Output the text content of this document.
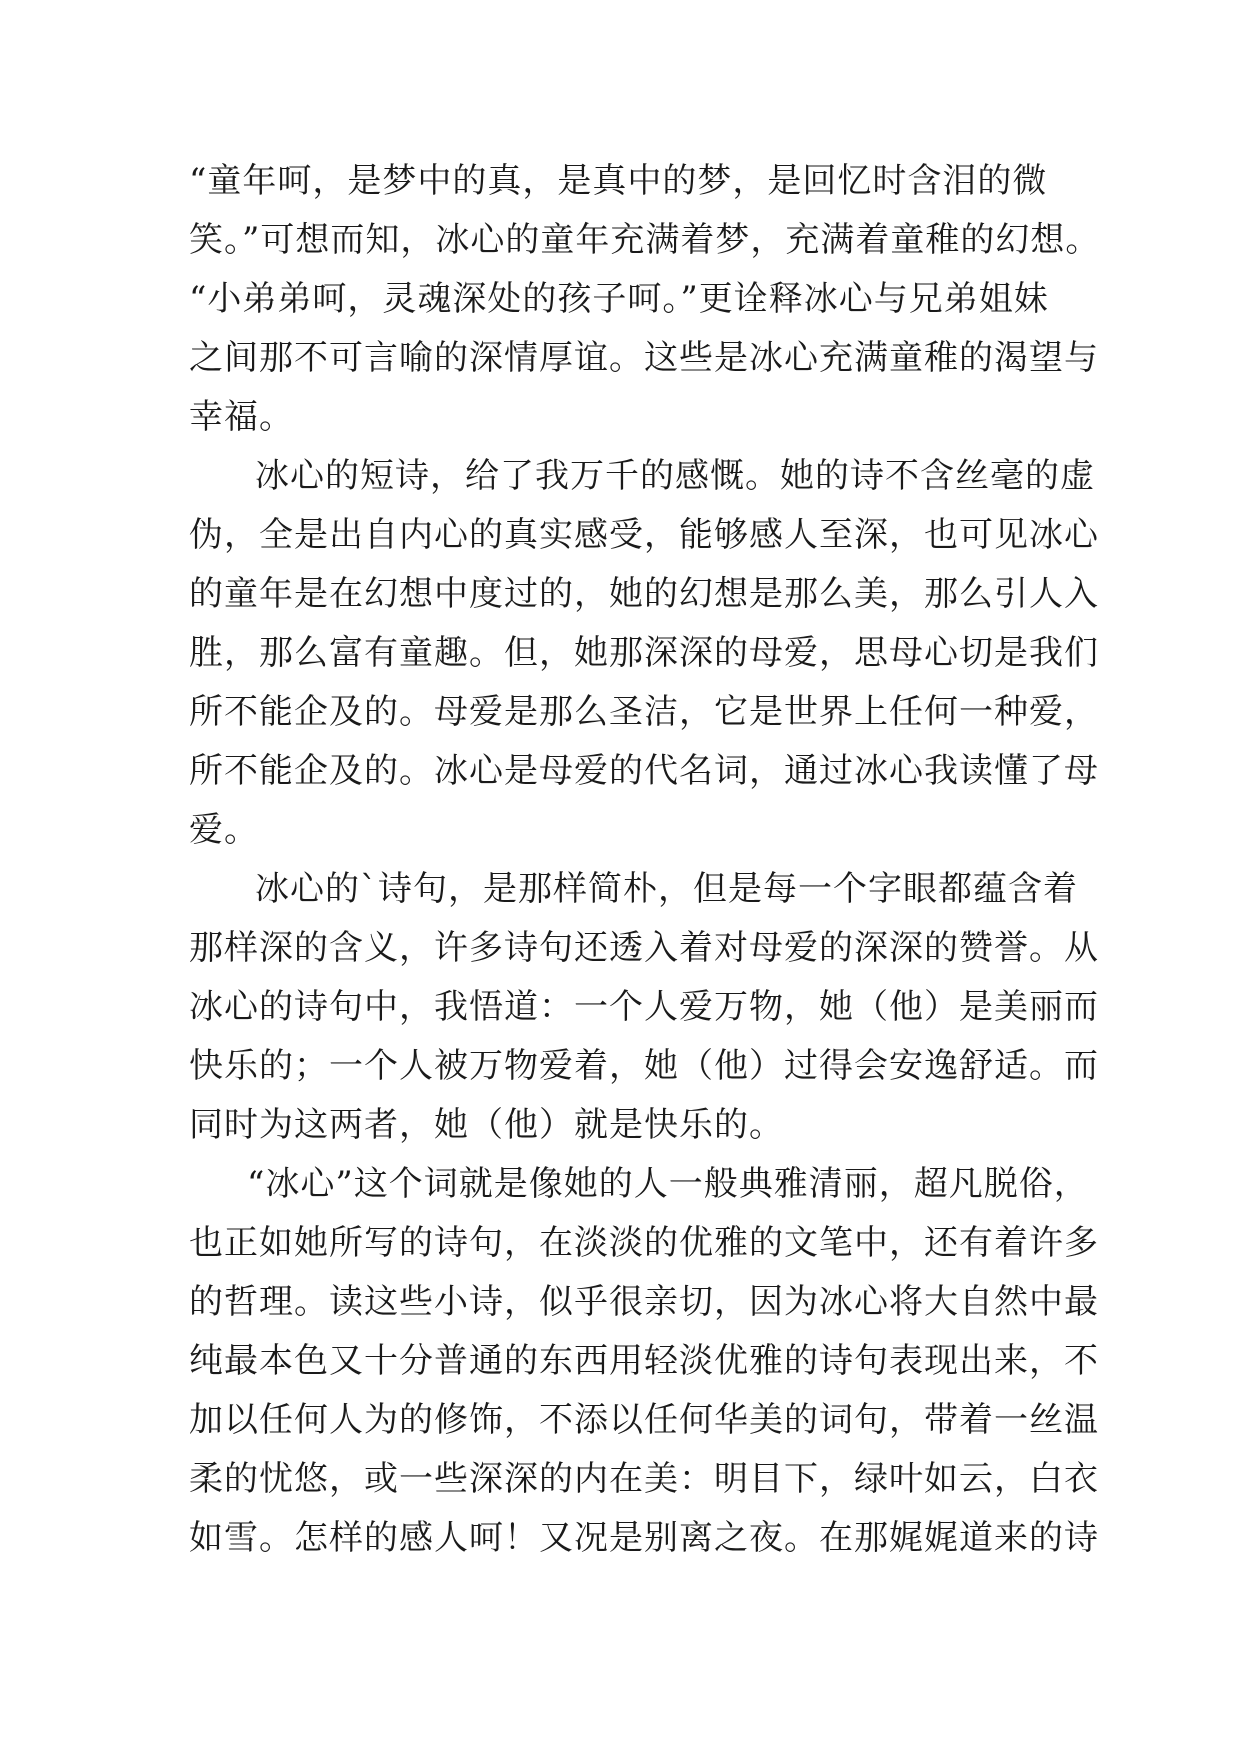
“童年呵，是梦中的真，是真中的梦，是回忆时含泪的微
笑。”可想而知，冰心的童年充满着梦，充满着童稚的幻想。
“小弟弟呵，灵魂深处的孩子呵。”更诠释冰心与兄弟姐妹
之间那不可言喻的深情厚谊。这些是冰心充满童稚的渴望与
幸福。
冰心的短诗，给了我万千的感慨。她的诗不含丝毫的虚
伪，全是出自内心的真实感受，能够感人至深，也可见冰心
的童年是在幻想中度过的，她的幻想是那么美，那么引人入
胜，那么富有童趣。但，她那深深的母爱，思母心切是我们
所不能企及的。母爱是那么圣洁，它是世界上任何一种爱，
所不能企及的。冰心是母爱的代名词，通过冰心我读懂了母
爱。
冰心的`诗句，是那样简朴，但是每一个字眼都蕴含着
那样深的含义，许多诗句还透入着对母爱的深深的赞誉。从
冰心的诗句中，我悟道：一个人爱万物，她（他）是美丽而
快乐的；一个人被万物爱着，她（他）过得会安逸舒适。而
同时为这两者，她（他）就是快乐的。
“冰心”这个词就是像她的人一般典雅清丽，超凡脱俗，
也正如她所写的诗句，在淡淡的优雅的文笔中，还有着许多
的哲理。读这些小诗，似乎很亲切，因为冰心将大自然中最
纯最本色又十分普通的东西用轻淡优雅的诗句表现出来，不
加以任何人为的修饰，不添以任何华美的词句，带着一丝温
柔的忧悠，或一些深深的内在美：明目下，绿叶如云，白衣
如雪。怎样的感人呵！又况是别离之夜。在那娓娓道来的诗
